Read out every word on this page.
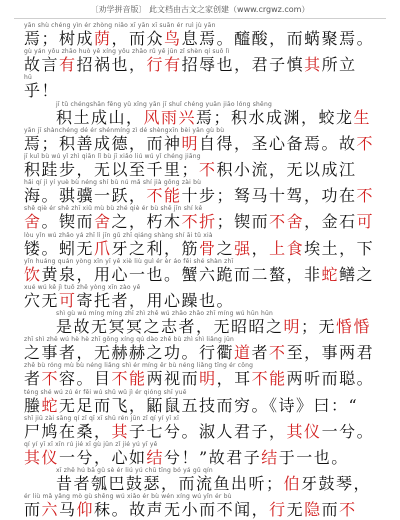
〔劝学拼音版〕 此文档由古文之家创建（www.crgwz.com）
yān shù chéng yìn ér zhòng niǎo xī yān xī suān ér ruì jù yān
焉；树成荫，而众鸟息焉。醯酸，而蜹聚焉。
gù yán yǒu zhāo huò yě xíng yǒu zhāo rǔ yě jūn zǐ shèn qí suǒ lì
故言有招祸也，行有招辱也，君子慎其所立
hū
乎！
jī tǔ chéngshān fēng yǔ xīng yān jī shuǐ chéng yuān jiāo lóng shēng
积土成山，风雨兴焉；积水成渊，蛟龙生
yān jī shànchéng dé ér shénmíng zì dé shèngxīn bèi yān gù bù
焉；积善成德，而神明自得，圣心备焉。故不
jī kuǐ bù wú yǐ zhì qiān lǐ bù jī xiǎo liú wú yǐ chéng jiāng
积跬步，无以至千里；不积小流，无以成江
hǎi qí jì yí yuè bù néng shí bù nú mǎ shí jià gōng zài bù
海。骐骥一跃，不能十步；驽马十驾，功在不
shě qiè ér shě zhī xiǔ mù bù zhé qiè ér bù shě jīn shí kě
舍。锲而舍之，朽木不折；锲而不舍，金石可
lòu yǐn wú zhǎo yá zhī lì jīn gǔ zhī qiáng shàng shí āi tǔ xià
镂。蚓无爪牙之利，筋骨之强，上食埃土，下
yǐn huáng quán yòng xīn yī yě xiè liù guì ér èr áo fēi shé shàn zhī
饮黄泉，用心一也。蟹六跪而二螯，非蛇鳝之
xué wú kě jì tuō zhě yòng xīn zào yě
穴无可寄托者，用心躁也。
shì gù wú míng míng zhī zhì zhě wú zhāo zhāo zhī míng wú hūn hūn
是故无冥冥之志者，无昭昭之明；无惛惛
zhī shì zhě wú hè hè zhī gōng xíng qú dào zhě bù zhì shì liǎng jūn
之事者，无赫赫之功。行衢道者不至，事两君
zhě bù róng mù bù néng liǎng shì ér míng ěr bù néng liǎng tīng ér cōng
者不容。目不能两视而明，耳不能两听而聪。
téng shé wú zú ér fēi wú shǔ wǔ jì ér qióng shī yuē
螣蛇无足而飞，鼫鼠五技而穷。《诗》曰：“
shī jiū zài sāng qí zǐ qī xī shū rén jūn zǐ qí yí yī xī
尸鸠在桑，其子七兮。淑人君子，其仪一兮。
qí yí yī xī xīn rú jié xī gù jūn zǐ jié yú yī yě
其仪一兮，心如结兮！”故君子结于一也。
xī zhě hú bā gǔ sè ér liú yú chū tīng bó yá gǔ qín
昔者瓠巴鼓瑟，而流鱼出听；伯牙鼓琴，
ér liù mǎ yǎng mò gù shēng wú xiǎo ér bù wén xíng wú yǐn ér bù
而六马仰秣。故声无小而不闻，行无隐而不
